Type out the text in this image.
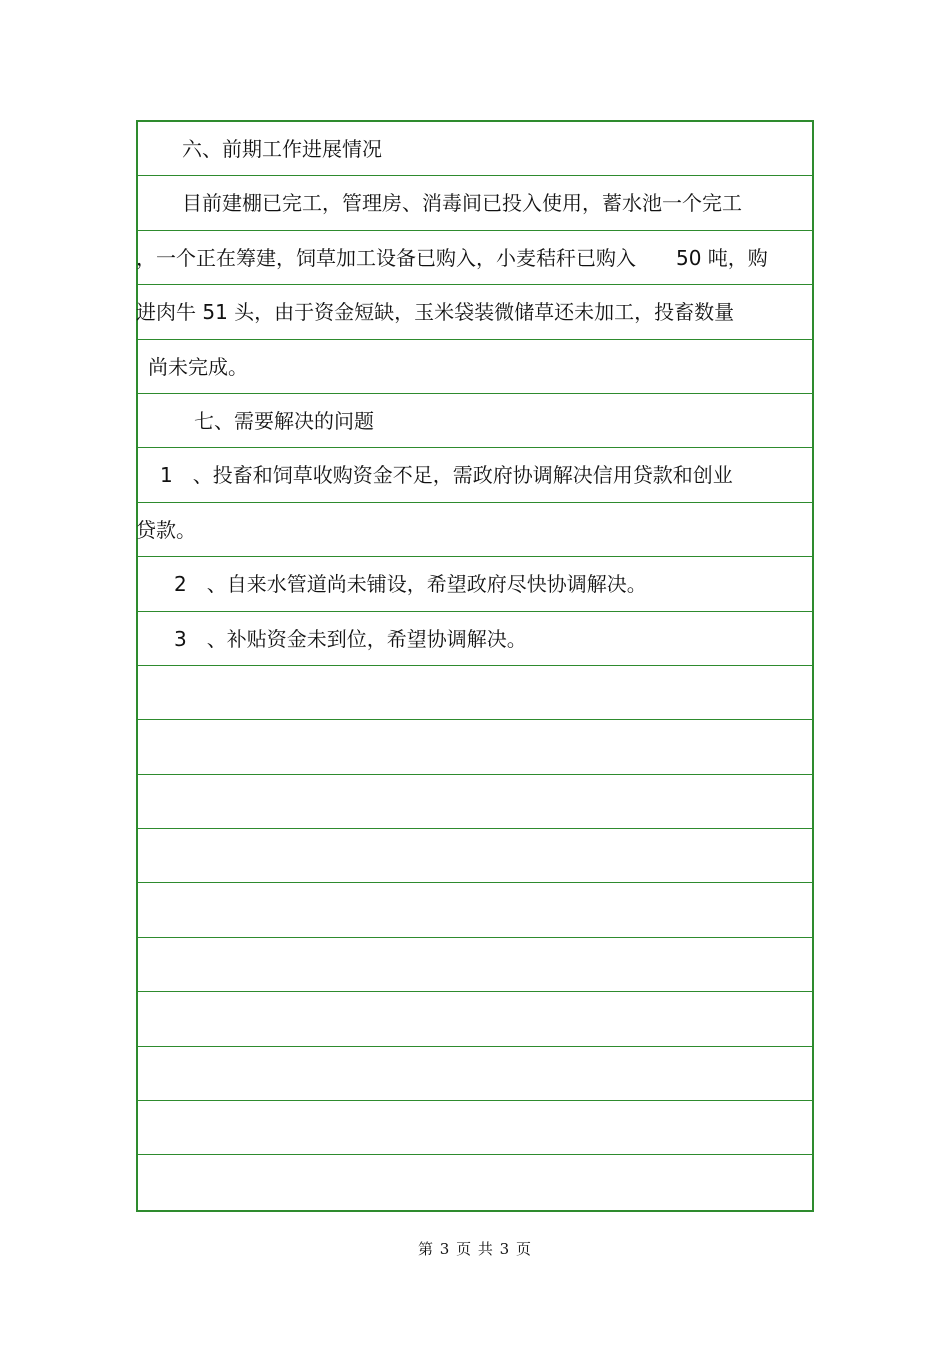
六、前期工作进展情况
目前建棚已完工，管理房、消毒间已投入使用，蓄水池一个完工
，一个正在筹建，饲草加工设备已购入，小麦秸秆已购入　　50 吨，购
进肉牛 51 头，由于资金短缺，玉米袋装微储草还未加工，投畜数量
尚未完成。
七、需要解决的问题
1　、投畜和饲草收购资金不足，需政府协调解决信用贷款和创业
贷款。
2　、自来水管道尚未铺设，希望政府尽快协调解决。
3　、补贴资金未到位，希望协调解决。
第 3 页 共 3 页
